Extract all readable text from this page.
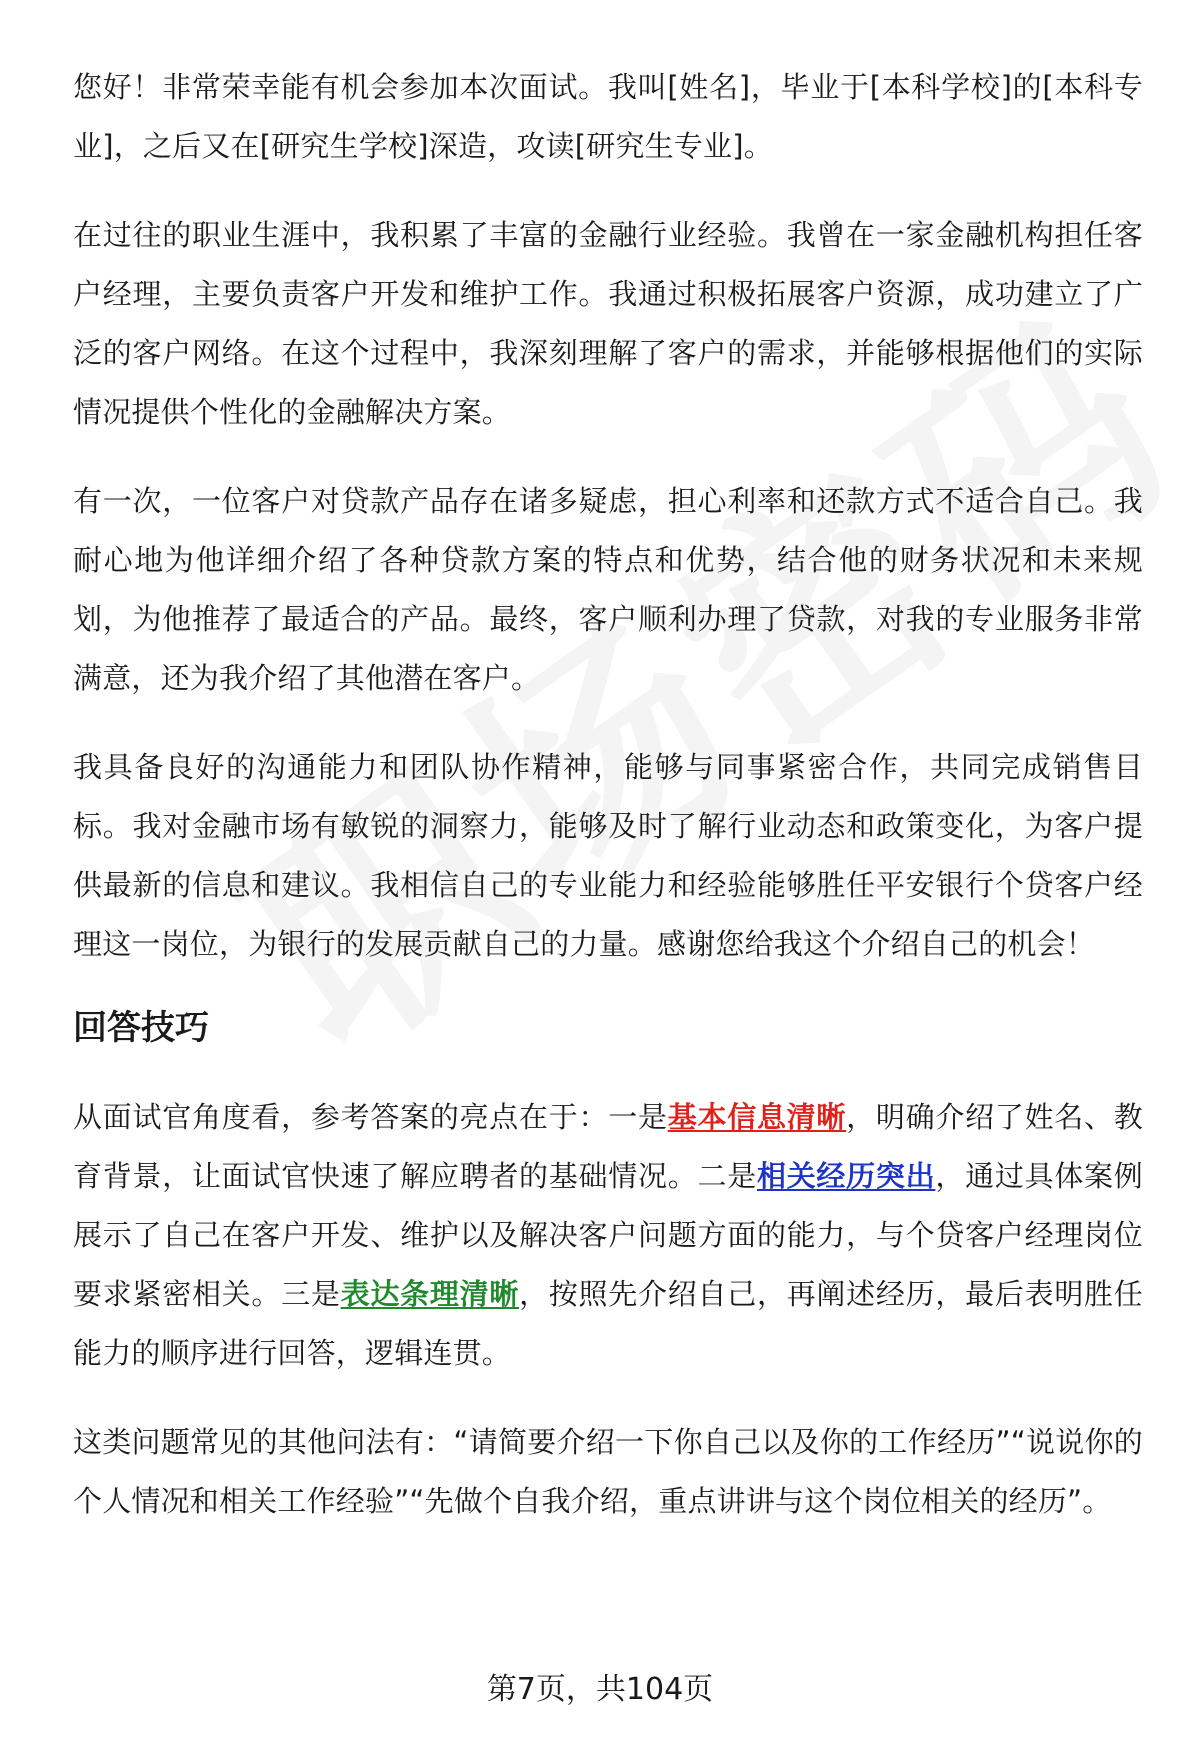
您好！非常荣幸能有机会参加本次面试。我叫[姓名]，毕业于[本科学校]的[本科专业]，之后又在[研究生学校]深造，攻读[研究生专业]。

在过往的职业生涯中，我积累了丰富的金融行业经验。我曾在一家金融机构担任客户经理，主要负责客户开发和维护工作。我通过积极拓展客户资源，成功建立了广泛的客户网络。在这个过程中，我深刻理解了客户的需求，并能够根据他们的实际情况提供个性化的金融解决方案。

有一次，一位客户对贷款产品存在诸多疑虑，担心利率和还款方式不适合自己。我耐心地为他详细介绍了各种贷款方案的特点和优势，结合他的财务状况和未来规划，为他推荐了最适合的产品。最终，客户顺利办理了贷款，对我的专业服务非常满意，还为我介绍了其他潜在客户。

我具备良好的沟通能力和团队协作精神，能够与同事紧密合作，共同完成销售目标。我对金融市场有敏锐的洞察力，能够及时了解行业动态和政策变化，为客户提供最新的信息和建议。我相信自己的专业能力和经验能够胜任平安银行个贷客户经理这一岗位，为银行的发展贡献自己的力量。感谢您给我这个介绍自己的机会！

回答技巧

从面试官角度看，参考答案的亮点在于：一是基本信息清晰，明确介绍了姓名、教育背景，让面试官快速了解应聘者的基础情况。二是相关经历突出，通过具体案例展示了自己在客户开发、维护以及解决客户问题方面的能力，与个贷客户经理岗位要求紧密相关。三是表达条理清晰，按照先介绍自己，再阐述经历，最后表明胜任能力的顺序进行回答，逻辑连贯。

这类问题常见的其他问法有：“请简要介绍一下你自己以及你的工作经历”“说说你的个人情况和相关工作经验”“先做个自我介绍，重点讲讲与这个岗位相关的经历”。

第7页，共104页
